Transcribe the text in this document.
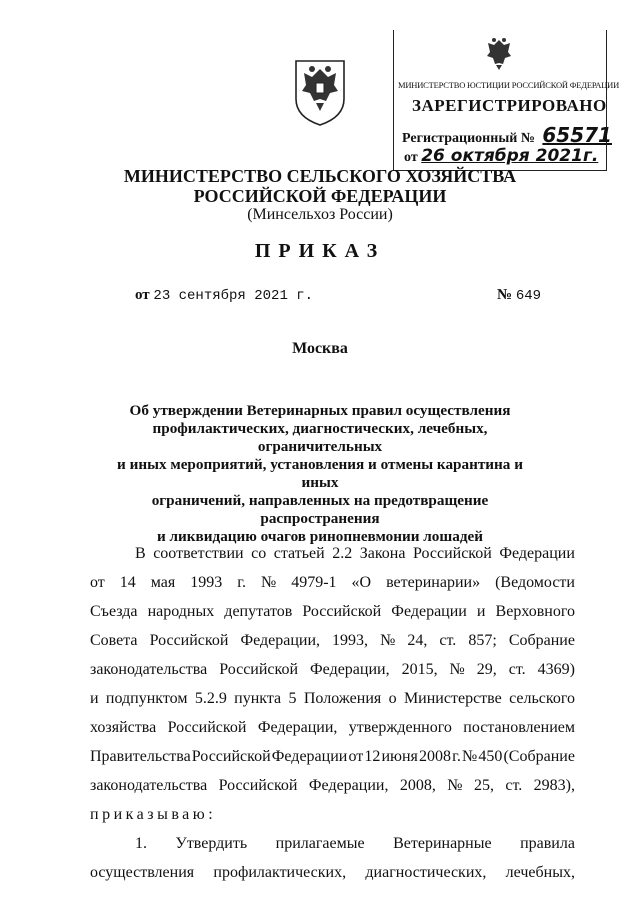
МИНИСТЕРСТВО ЮСТИЦИИ РОССИЙСКОЙ ФЕДЕРАЦИИ
ЗАРЕГИСТРИРОВАНО
Регистрационный № 65571
от 26 октября 2021г.
МИНИСТЕРСТВО СЕЛЬСКОГО ХОЗЯЙСТВА
РОССИЙСКОЙ ФЕДЕРАЦИИ
(Минсельхоз России)
ПРИКАЗ
от 23 сентября 2021 г.	№ 649
Москва
Об утверждении Ветеринарных правил осуществления
профилактических, диагностических, лечебных, ограничительных
и иных мероприятий, установления и отмены карантина и иных
ограничений, направленных на предотвращение распространения
и ликвидацию очагов ринопневмонии лошадей
В соответствии со статьей 2.2 Закона Российской Федерации
от 14 мая 1993 г. № 4979-1 «О ветеринарии» (Ведомости
Съезда народных депутатов Российской Федерации и Верховного
Совета Российской Федерации, 1993, № 24, ст. 857; Собрание
законодательства Российской Федерации, 2015, № 29, ст. 4369)
и подпунктом 5.2.9 пункта 5 Положения о Министерстве сельского
хозяйства Российской Федерации, утвержденного постановлением
Правительства Российской Федерации от 12 июня 2008 г. № 450 (Собрание
законодательства Российской Федерации, 2008, № 25, ст. 2983),
приказываю:
1. Утвердить прилагаемые Ветеринарные правила
осуществления профилактических, диагностических, лечебных,
